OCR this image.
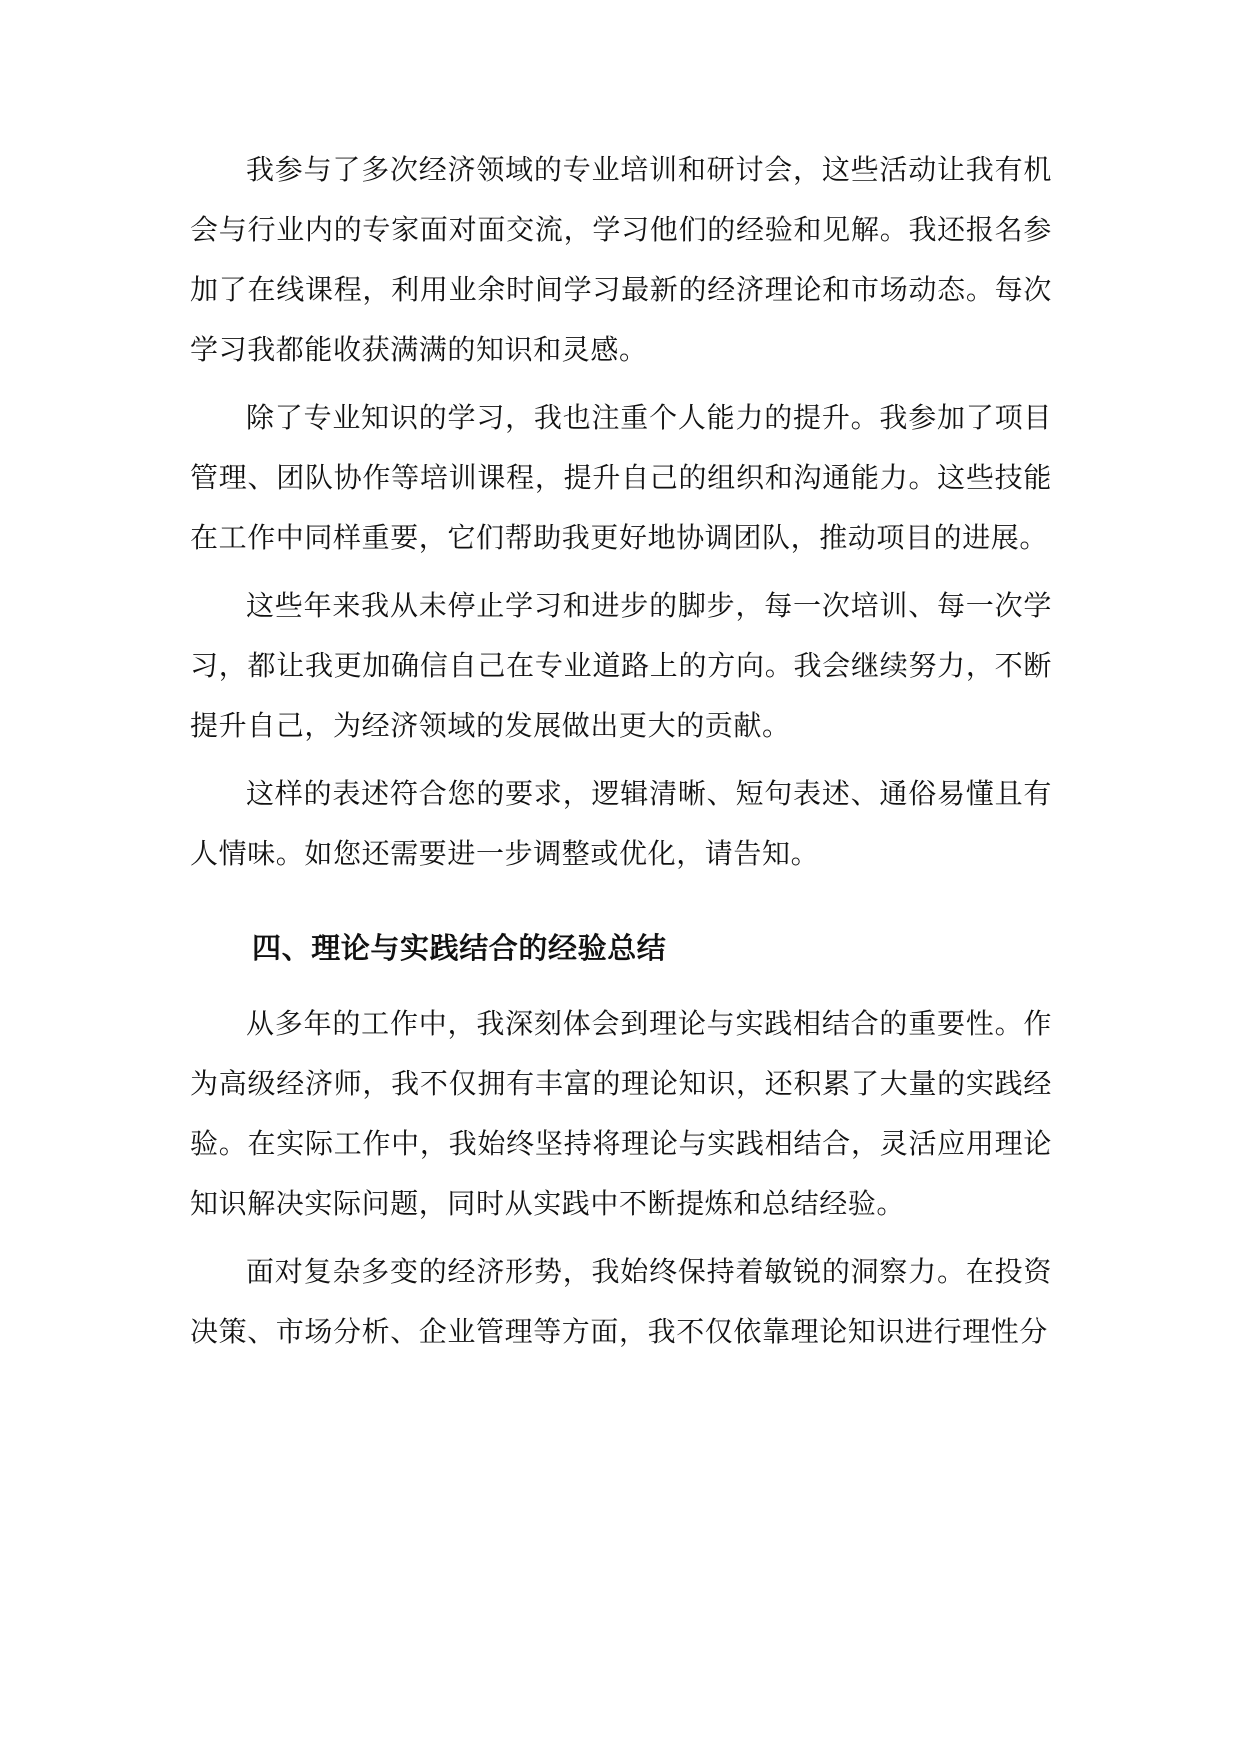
我参与了多次经济领域的专业培训和研讨会，这些活动让我有机会与行业内的专家面对面交流，学习他们的经验和见解。我还报名参加了在线课程，利用业余时间学习最新的经济理论和市场动态。每次学习我都能收获满满的知识和灵感。

除了专业知识的学习，我也注重个人能力的提升。我参加了项目管理、团队协作等培训课程，提升自己的组织和沟通能力。这些技能在工作中同样重要，它们帮助我更好地协调团队，推动项目的进展。

这些年来我从未停止学习和进步的脚步，每一次培训、每一次学习，都让我更加确信自己在专业道路上的方向。我会继续努力，不断提升自己，为经济领域的发展做出更大的贡献。

这样的表述符合您的要求，逻辑清晰、短句表述、通俗易懂且有人情味。如您还需要进一步调整或优化，请告知。

四、理论与实践结合的经验总结

从多年的工作中，我深刻体会到理论与实践相结合的重要性。作为高级经济师，我不仅拥有丰富的理论知识，还积累了大量的实践经验。在实际工作中，我始终坚持将理论与实践相结合，灵活应用理论知识解决实际问题，同时从实践中不断提炼和总结经验。

面对复杂多变的经济形势，我始终保持着敏锐的洞察力。在投资决策、市场分析、企业管理等方面，我不仅依靠理论知识进行理性分
